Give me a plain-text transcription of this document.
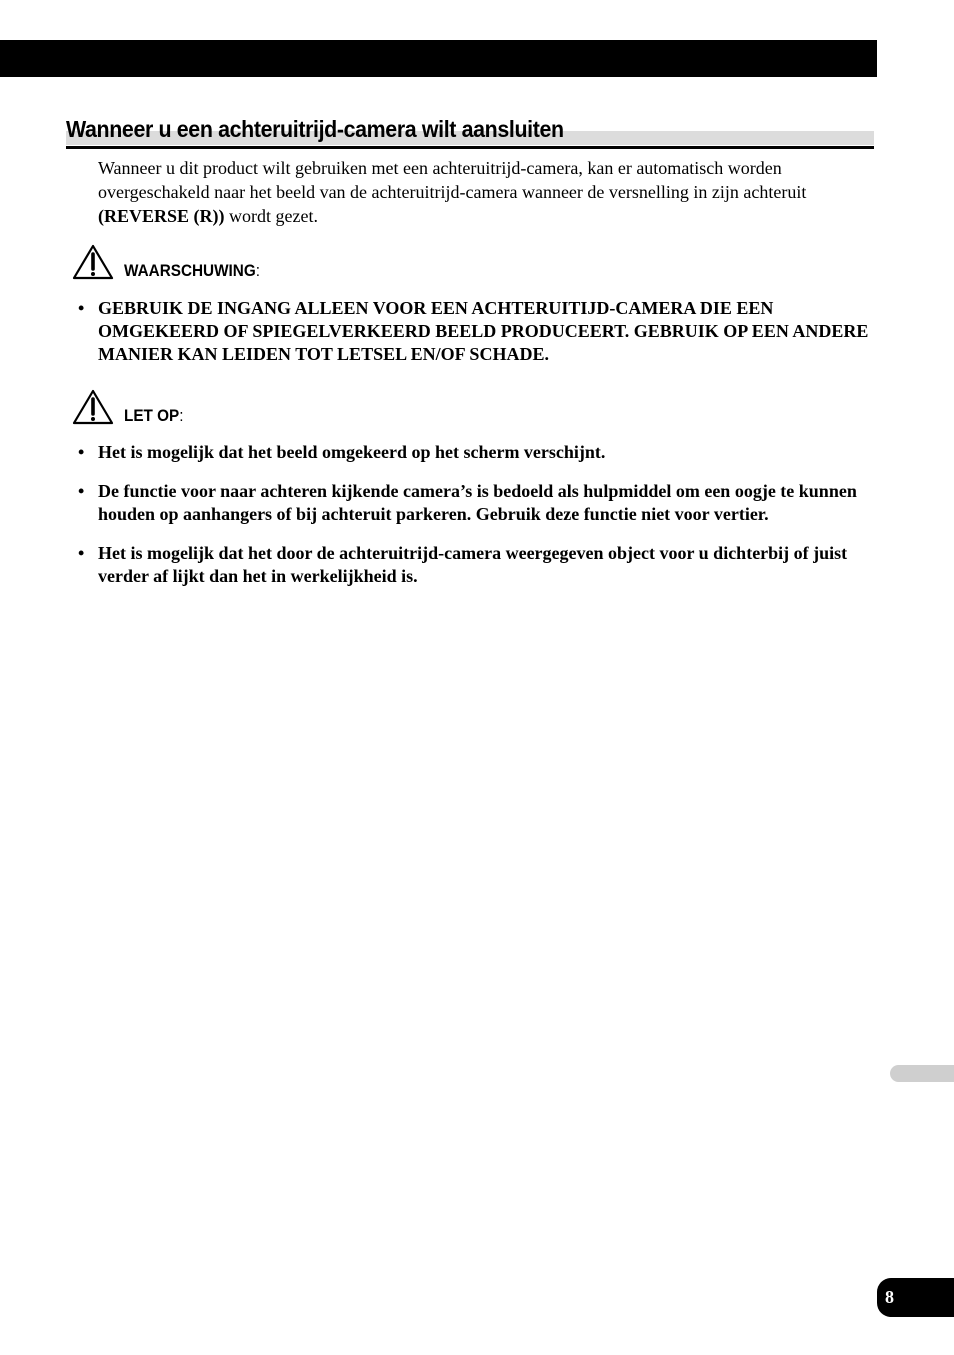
Wanneer u een achteruitrijd-camera wilt aansluiten

Wanneer u dit product wilt gebruiken met een achteruitrijd-camera, kan er automatisch worden overgeschakeld naar het beeld van de achteruitrijd-camera wanneer de versnelling in zijn achteruit (REVERSE (R)) wordt gezet.

WAARSCHUWING:
• GEBRUIK DE INGANG ALLEEN VOOR EEN ACHTERUITIJD-CAMERA DIE EEN OMGEKEERD OF SPIEGELVERKEERD BEELD PRODUCEERT. GEBRUIK OP EEN ANDERE MANIER KAN LEIDEN TOT LETSEL EN/OF SCHADE.
LET OP:
• Het is mogelijk dat het beeld omgekeerd op het scherm verschijnt.
• De functie voor naar achteren kijkende camera’s is bedoeld als hulpmiddel om een oogje te kunnen houden op aanhangers of bij achteruit parkeren. Gebruik deze functie niet voor vertier.
• Het is mogelijk dat het door de achteruitrijd-camera weergegeven object voor u dichterbij of juist verder af lijkt dan het in werkelijkheid is.
8
